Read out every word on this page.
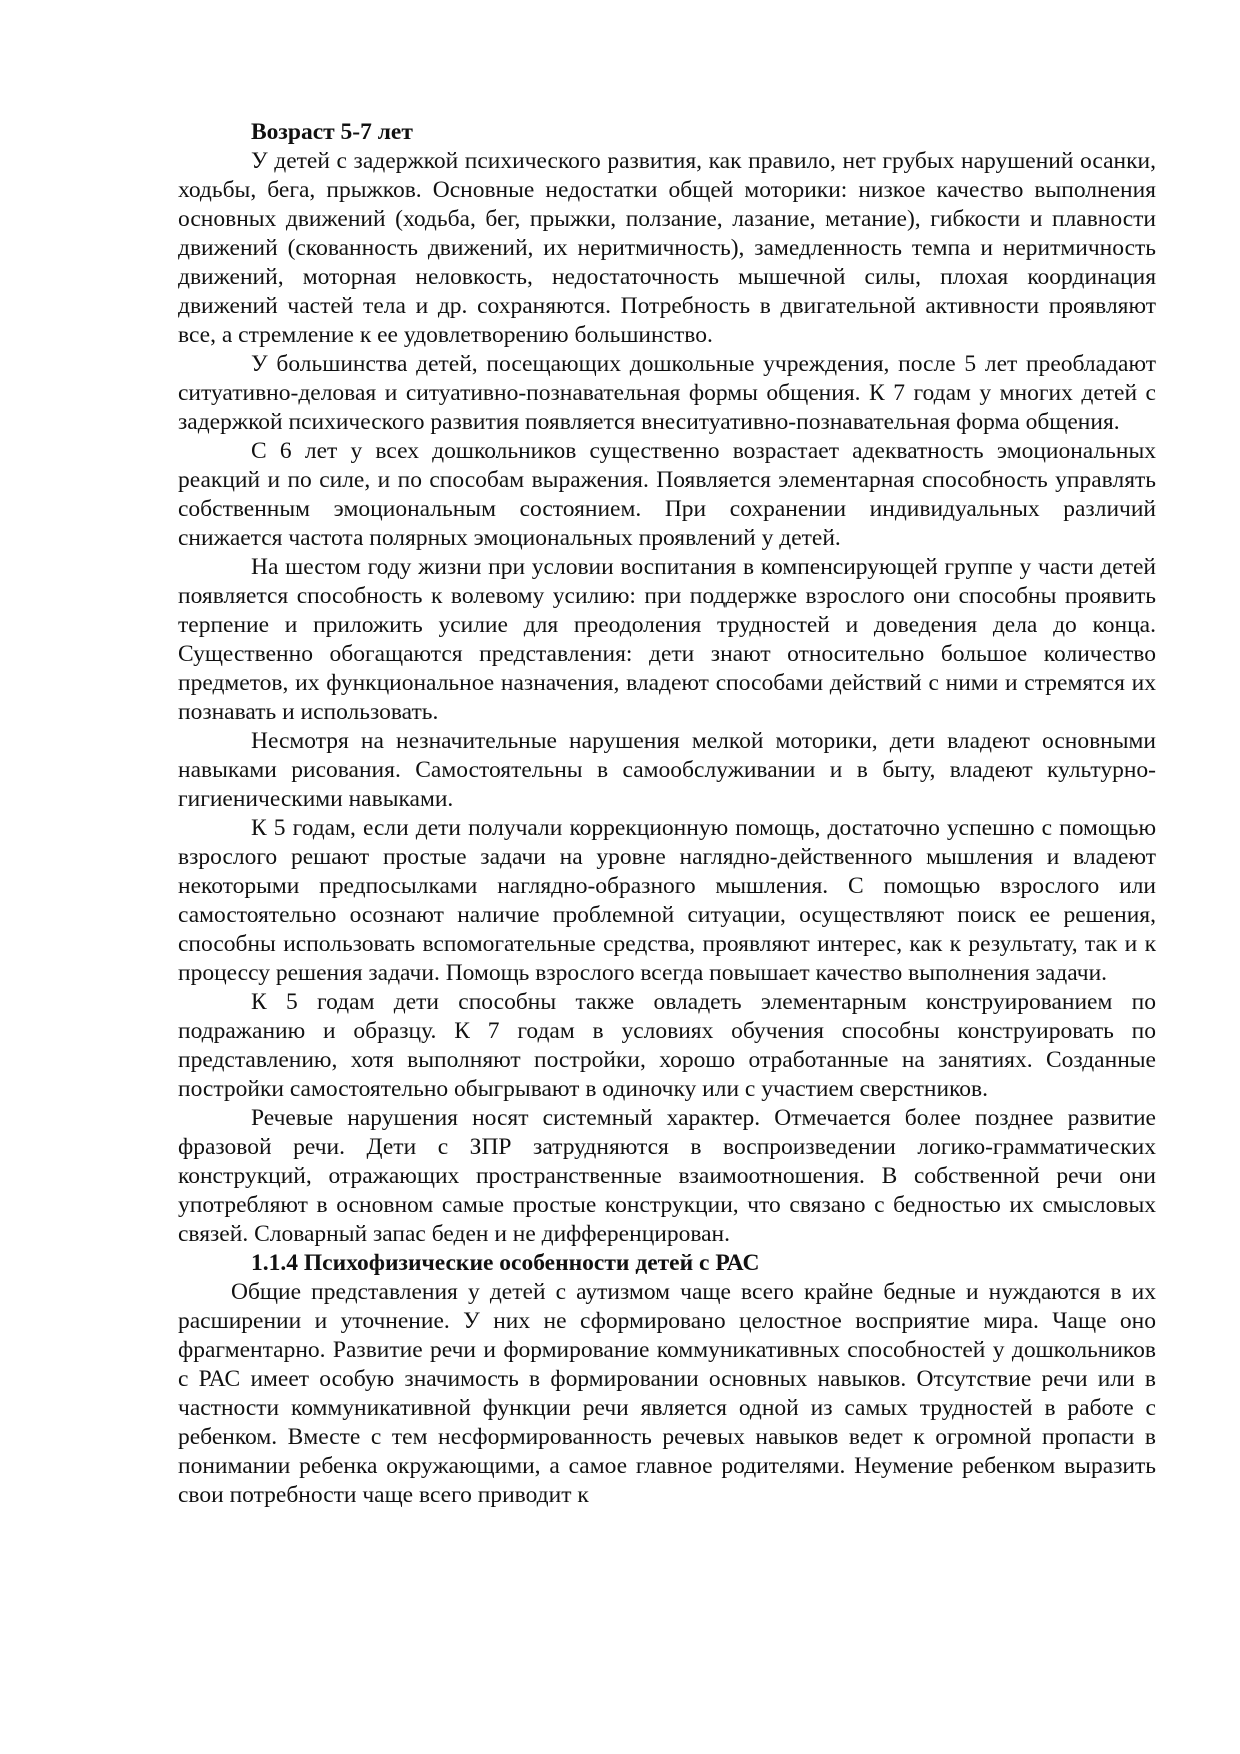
Возраст 5-7 лет

У детей с задержкой психического развития, как правило, нет грубых нарушений осанки, ходьбы, бега, прыжков. Основные недостатки общей моторики: низкое качество выполнения основных движений (ходьба, бег, прыжки, ползание, лазание, метание), гибкости и плавности движений (скованность движений, их неритмичность), замедленность темпа и неритмичность движений, моторная неловкость, недостаточность мышечной силы, плохая координация движений частей тела и др. сохраняются. Потребность в двигательной активности проявляют все, а стремление к ее удовлетворению большинство.

У большинства детей, посещающих дошкольные учреждения, после 5 лет преобладают ситуативно-деловая и ситуативно-познавательная формы общения. К 7 годам у многих детей с задержкой психического развития появляется внеситуативно-познавательная форма общения.

С 6 лет у всех дошкольников существенно возрастает адекватность эмоциональных реакций и по силе, и по способам выражения. Появляется элементарная способность управлять собственным эмоциональным состоянием. При сохранении индивидуальных различий снижается частота полярных эмоциональных проявлений у детей.

На шестом году жизни при условии воспитания в компенсирующей группе у части детей появляется способность к волевому усилию: при поддержке взрослого они способны проявить терпение и приложить усилие для преодоления трудностей и доведения дела до конца. Существенно обогащаются представления: дети знают относительно большое количество предметов, их функциональное назначения, владеют способами действий с ними и стремятся их познавать и использовать.

Несмотря на незначительные нарушения мелкой моторики, дети владеют основными навыками рисования. Самостоятельны в самообслуживании и в быту, владеют культурно-гигиеническими навыками.

К 5 годам, если дети получали коррекционную помощь, достаточно успешно с помощью взрослого решают простые задачи на уровне наглядно-действенного мышления и владеют некоторыми предпосылками наглядно-образного мышления. С помощью взрослого или самостоятельно осознают наличие проблемной ситуации, осуществляют поиск ее решения, способны использовать вспомогательные средства, проявляют интерес, как к результату, так и к процессу решения задачи. Помощь взрослого всегда повышает качество выполнения задачи.

К 5 годам дети способны также овладеть элементарным конструированием по подражанию и образцу. К 7 годам в условиях обучения способны конструировать по представлению, хотя выполняют постройки, хорошо отработанные на занятиях. Созданные постройки самостоятельно обыгрывают в одиночку или с участием сверстников.

Речевые нарушения носят системный характер. Отмечается более позднее развитие фразовой речи. Дети с ЗПР затрудняются в воспроизведении логико-грамматических конструкций, отражающих пространственные взаимоотношения. В собственной речи они употребляют в основном самые простые конструкции, что связано с бедностью их смысловых связей. Словарный запас беден и не дифференцирован.

1.1.4 Психофизические особенности детей с РАС

Общие представления у детей с аутизмом чаще всего крайне бедные и нуждаются в их расширении и уточнение. У них не сформировано целостное восприятие мира. Чаще оно фрагментарно. Развитие речи и формирование коммуникативных способностей у дошкольников с РАС имеет особую значимость в формировании основных навыков. Отсутствие речи или в частности коммуникативной функции речи является одной из самых трудностей в работе с ребенком. Вместе с тем несформированность речевых навыков ведет к огромной пропасти в понимании ребенка окружающими, а самое главное родителями. Неумение ребенком выразить свои потребности чаще всего приводит к
